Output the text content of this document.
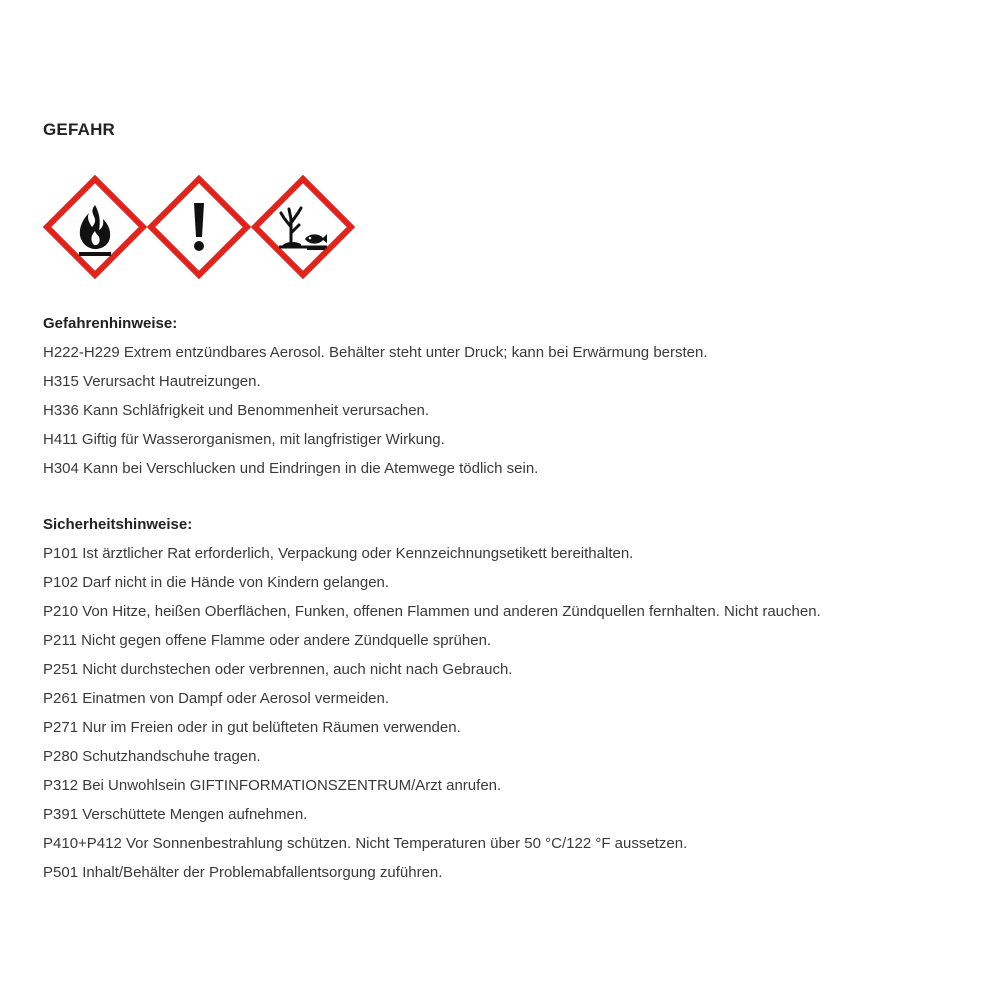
GEFAHR
Gefahrenhinweise:
H222-H229 Extrem entzündbares Aerosol. Behälter steht unter Druck; kann bei Erwärmung bersten.
H315 Verursacht Hautreizungen.
H336 Kann Schläfrigkeit und Benommenheit verursachen.
H411 Giftig für Wasserorganismen, mit langfristiger Wirkung.
H304 Kann bei Verschlucken und Eindringen in die Atemwege tödlich sein.
Sicherheitshinweise:
P101 Ist ärztlicher Rat erforderlich, Verpackung oder Kennzeichnungsetikett bereithalten.
P102 Darf nicht in die Hände von Kindern gelangen.
P210 Von Hitze, heißen Oberflächen, Funken, offenen Flammen und anderen Zündquellen fernhalten. Nicht rauchen.
P211 Nicht gegen offene Flamme oder andere Zündquelle sprühen.
P251 Nicht durchstechen oder verbrennen, auch nicht nach Gebrauch.
P261 Einatmen von Dampf oder Aerosol vermeiden.
P271 Nur im Freien oder in gut belüfteten Räumen verwenden.
P280 Schutzhandschuhe tragen.
P312 Bei Unwohlsein GIFTINFORMATIONSZENTRUM/Arzt anrufen.
P391 Verschüttete Mengen aufnehmen.
P410+P412 Vor Sonnenbestrahlung schützen. Nicht Temperaturen über 50 °C/122 °F aussetzen.
P501 Inhalt/Behälter der Problemabfallentsorgung zuführen.
